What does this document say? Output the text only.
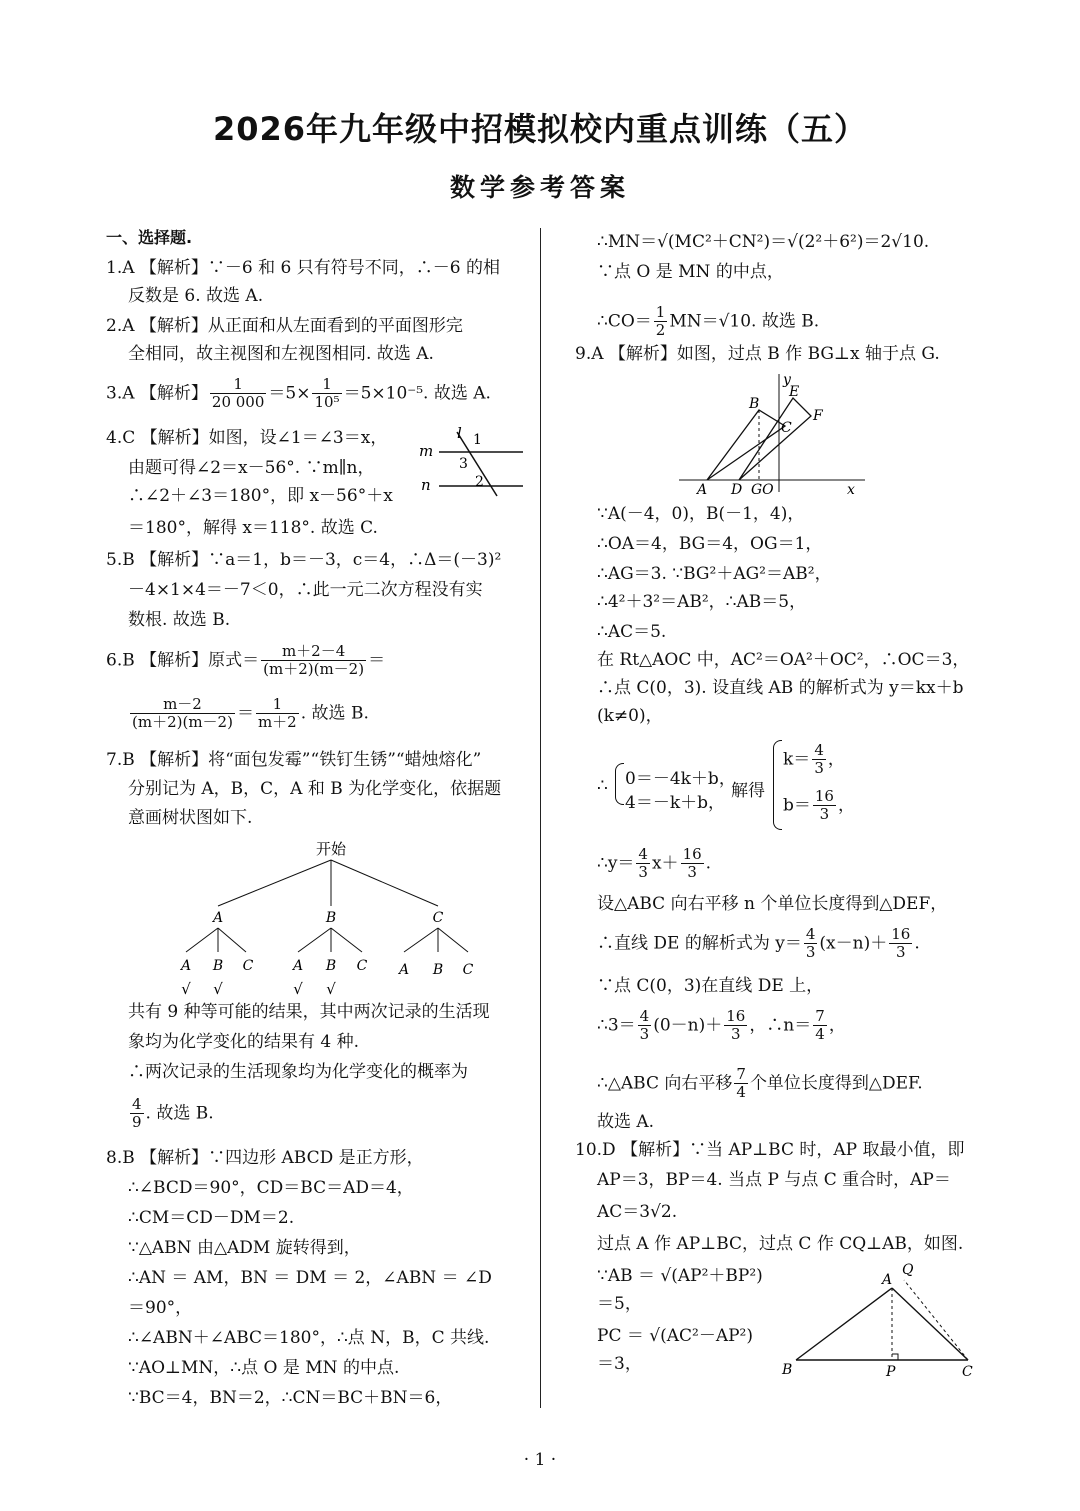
2026年九年级中招模拟校内重点训练（五）
数学参考答案
一、选择题.
1.A 【解析】∵－6 和 6 只有符号不同，∴－6 的相
反数是 6. 故选 A.
2.A 【解析】从正面和从左面看到的平面图形完
全相同，故主视图和左视图相同. 故选 A.
3.A 【解析】 $\frac{1}{20 000} =5\times \frac{1}{\text{10⁵}} =5\times 10^{-5}$. 故选 A.
4.C 【解析】如图，设∠1＝∠3＝x，
由题可得∠2＝x－56°. ∵m∥n，
∴∠2＋∠3＝180°，即 x－56°＋x
＝180°，解得 x＝118°. 故选 C.
l
m
n
1
3
2
5.B 【解析】∵a＝1，b＝－3，c＝4，∴Δ＝(－3)²
－4×1×4＝－7＜0，∴此一元二次方程没有实
数根. 故选 B.
6.B 【解析】原式＝ $\frac{m+2-4}{(m+2)(m-2)}$ ＝
$\frac{m-2}{(m+2)(m-2)} = \frac{1}{m+2}$ . 故选 B.
7.B 【解析】将“面包发霉”“铁钉生锈”“蜡烛熔化”
分别记为 A，B，C，A 和 B 为化学变化，依据题
意画树状图如下.
开始
A	B	C
A B C	A B C A B C
√ √	√ √
共有 9 种等可能的结果，其中两次记录的生活现
象均为化学变化的结果有 4 种.
∴两次记录的生活现象均为化学变化的概率为
$\frac{4}{9}$ . 故选 B.
8.B 【解析】∵四边形 ABCD 是正方形，
∴∠BCD＝90°，CD＝BC＝AD＝4，
∴CM＝CD－DM＝2.
∵△ABN 由△ADM 旋转得到，
∴AN ＝ AM，BN ＝ DM ＝ 2，∠ABN ＝ ∠D
＝90°，
∴∠ABN＋∠ABC＝180°，∴点 N，B，C 共线.
∵AO⊥MN，∴点 O 是 MN 的中点.
∵BC＝4，BN＝2，∴CN＝BC＋BN＝6，
∴MN＝√(MC²＋CN²)＝√(2²＋6²)＝2√10.
∵点 O 是 MN 的中点，
∴CO＝ $\frac{1}{2} MN=√10$. 故选 B.
9.A 【解析】如图，过点 B 作 BG⊥x 轴于点 G.
y
x
A
B
C
D
E
F
GO
∵A(－4，0)，B(－1，4)，
∴OA＝4，BG＝4，OG＝1，
∴AG＝3. ∵BG²＋AG²＝AB²，
∴4²＋3²＝AB²，∴AB＝5，
∴AC＝5.
在 Rt△AOC 中，AC²＝OA²＋OC²，∴OC＝3，
∴点 C(0，3). 设直线 AB 的解析式为 y＝kx＋b
(k≠0)，
∴ 0＝－4k＋b，
4＝－k＋b，
解得
$k= \frac{4}{3}$ ，
$b= \frac{16}{3}$ ，
∴y＝ $\frac{4}{3} x+ \frac{16}{3}$ .
设△ABC 向右平移 n 个单位长度得到△DEF，
∴直线 DE 的解析式为 $y= \frac{4}{3} (x-n)+ \frac{16}{3}$ .
∵点 C(0，3)在直线 DE 上，
∴3＝ $\frac{4}{3} (0-n)+ \frac{16}{3}$ ，∴n＝ $\frac{7}{4}$ ，
∴△ABC 向右平移 $\frac{7}{4}$ 个单位长度得到△DEF.
故选 A.
10.D 【解析】∵当 AP⊥BC 时，AP 取最小值，即
AP＝3，BP＝4. 当点 P 与点 C 重合时，AP＝
AC＝3√2.
过点 A 作 AP⊥BC，过点 C 作 CQ⊥AB，如图.
∵AB ＝ √(AP²＋BP²)
＝5，
PC ＝ √(AC²－AP²)
＝3，
A
Q
B	P	C
· 1 ·
